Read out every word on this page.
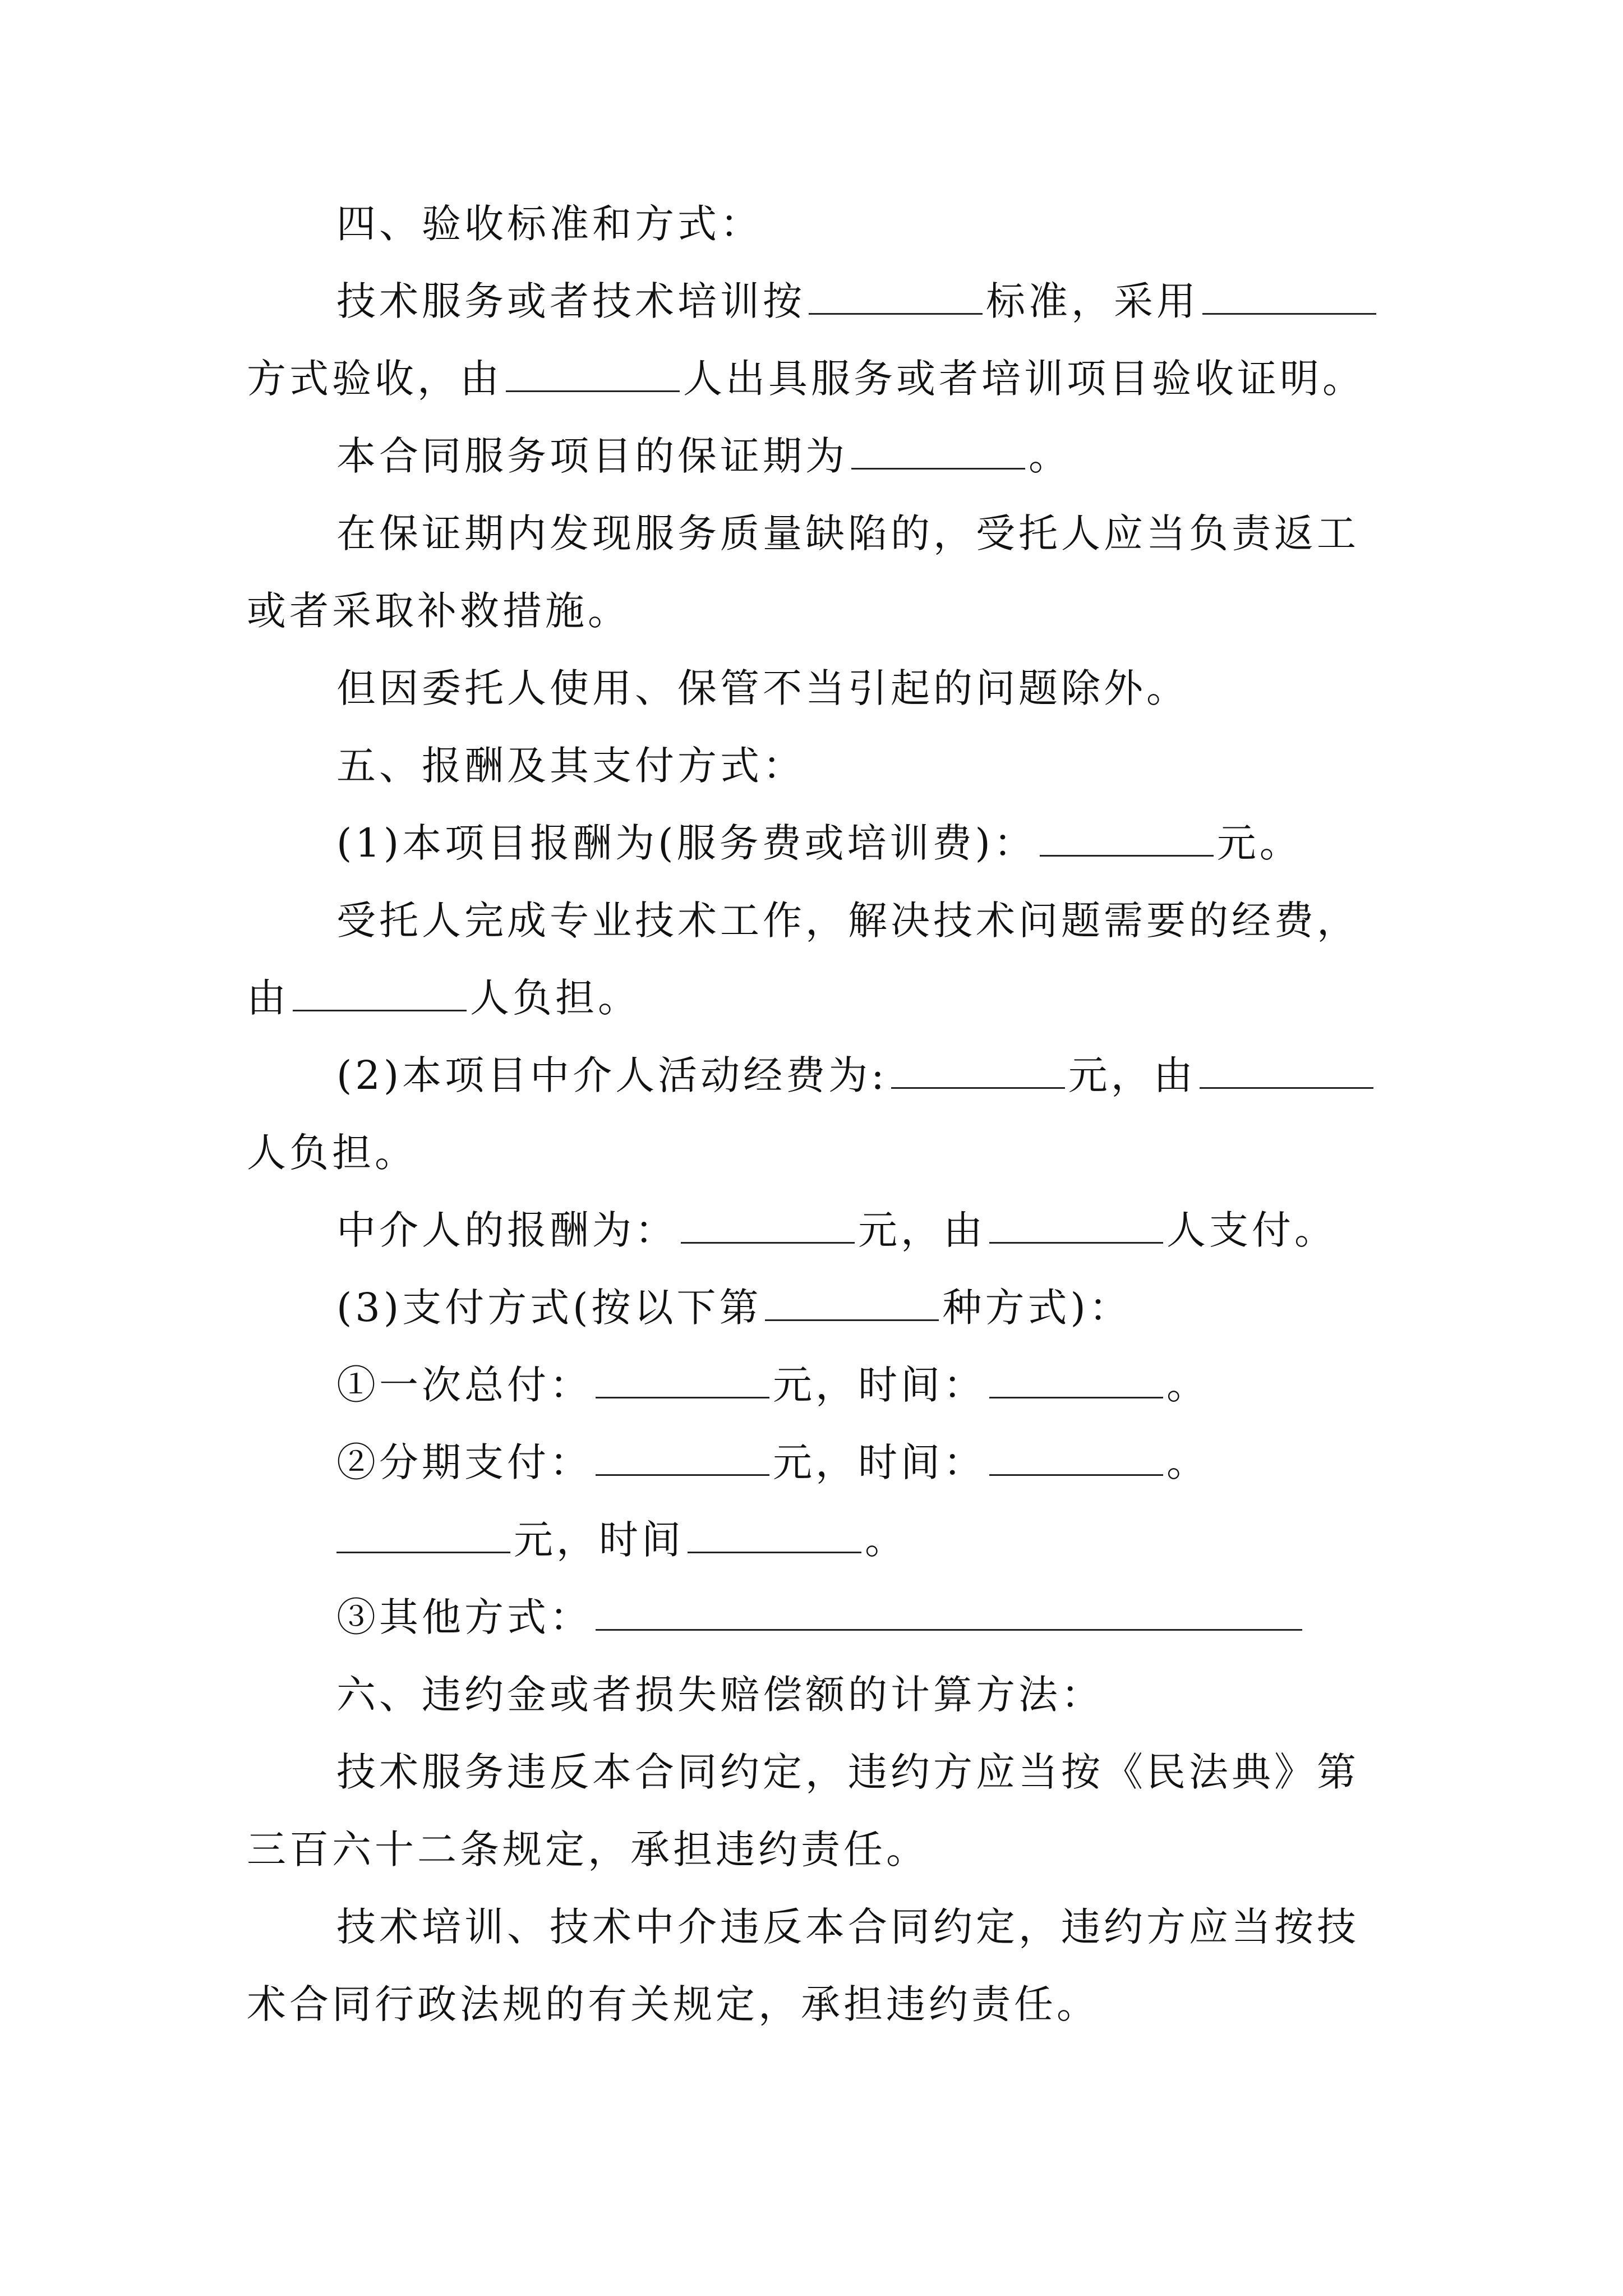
四、验收标准和方式：

技术服务或者技术培训按	标准，采用

方式验收，由	人出具服务或者培训项目验收证明。

本合同服务项目的保证期为	。

在保证期内发现服务质量缺陷的，受托人应当负责返工

或者采取补救措施。

但因委托人使用、保管不当引起的问题除外。

五、报酬及其支付方式：

(1)本项目报酬为(服务费或培训费)：	元。

受托人完成专业技术工作，解决技术问题需要的经费，

由	人负担。

(2)本项目中介人活动经费为:	元，由

人负担。

中介人的报酬为：	元，由	人支付。

(3)支付方式(按以下第	种方式)：

①一次总付：	元，时间：	。

②分期支付：	元，时间：	。

元，时间	。

③其他方式：

六、违约金或者损失赔偿额的计算方法：

技术服务违反本合同约定，违约方应当按《民法典》第

三百六十二条规定，承担违约责任。

技术培训、技术中介违反本合同约定，违约方应当按技

术合同行政法规的有关规定，承担违约责任。
